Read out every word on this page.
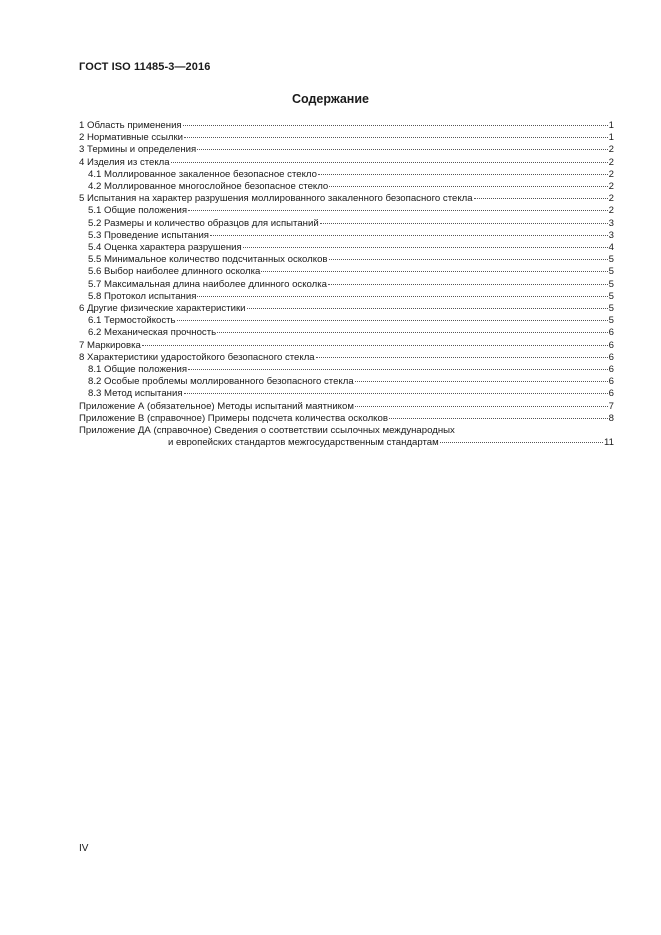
ГОСТ ISO 11485-3—2016
Содержание
1 Область применения	1
2 Нормативные ссылки	1
3 Термины и определения	2
4 Изделия из стекла	2
4.1 Моллированное закаленное безопасное стекло	2
4.2 Моллированное многослойное безопасное стекло	2
5 Испытания на характер разрушения моллированного закаленного безопасного стекла	2
5.1 Общие положения	2
5.2 Размеры и количество образцов для испытаний	3
5.3 Проведение испытания	3
5.4 Оценка характера разрушения	4
5.5 Минимальное количество подсчитанных осколков	5
5.6 Выбор наиболее длинного осколка	5
5.7 Максимальная длина наиболее длинного осколка	5
5.8 Протокол испытания	5
6 Другие физические характеристики	5
6.1 Термостойкость	5
6.2 Механическая прочность	6
7 Маркировка	6
8 Характеристики ударостойкого безопасного стекла	6
8.1 Общие положения	6
8.2 Особые проблемы моллированного безопасного стекла	6
8.3 Метод испытания	6
Приложение А (обязательное) Методы испытаний маятником	7
Приложение В (справочное) Примеры подсчета количества осколков	8
Приложение ДА (справочное) Сведения о соответствии ссылочных международных
и европейских стандартов межгосударственным стандартам	11
IV
